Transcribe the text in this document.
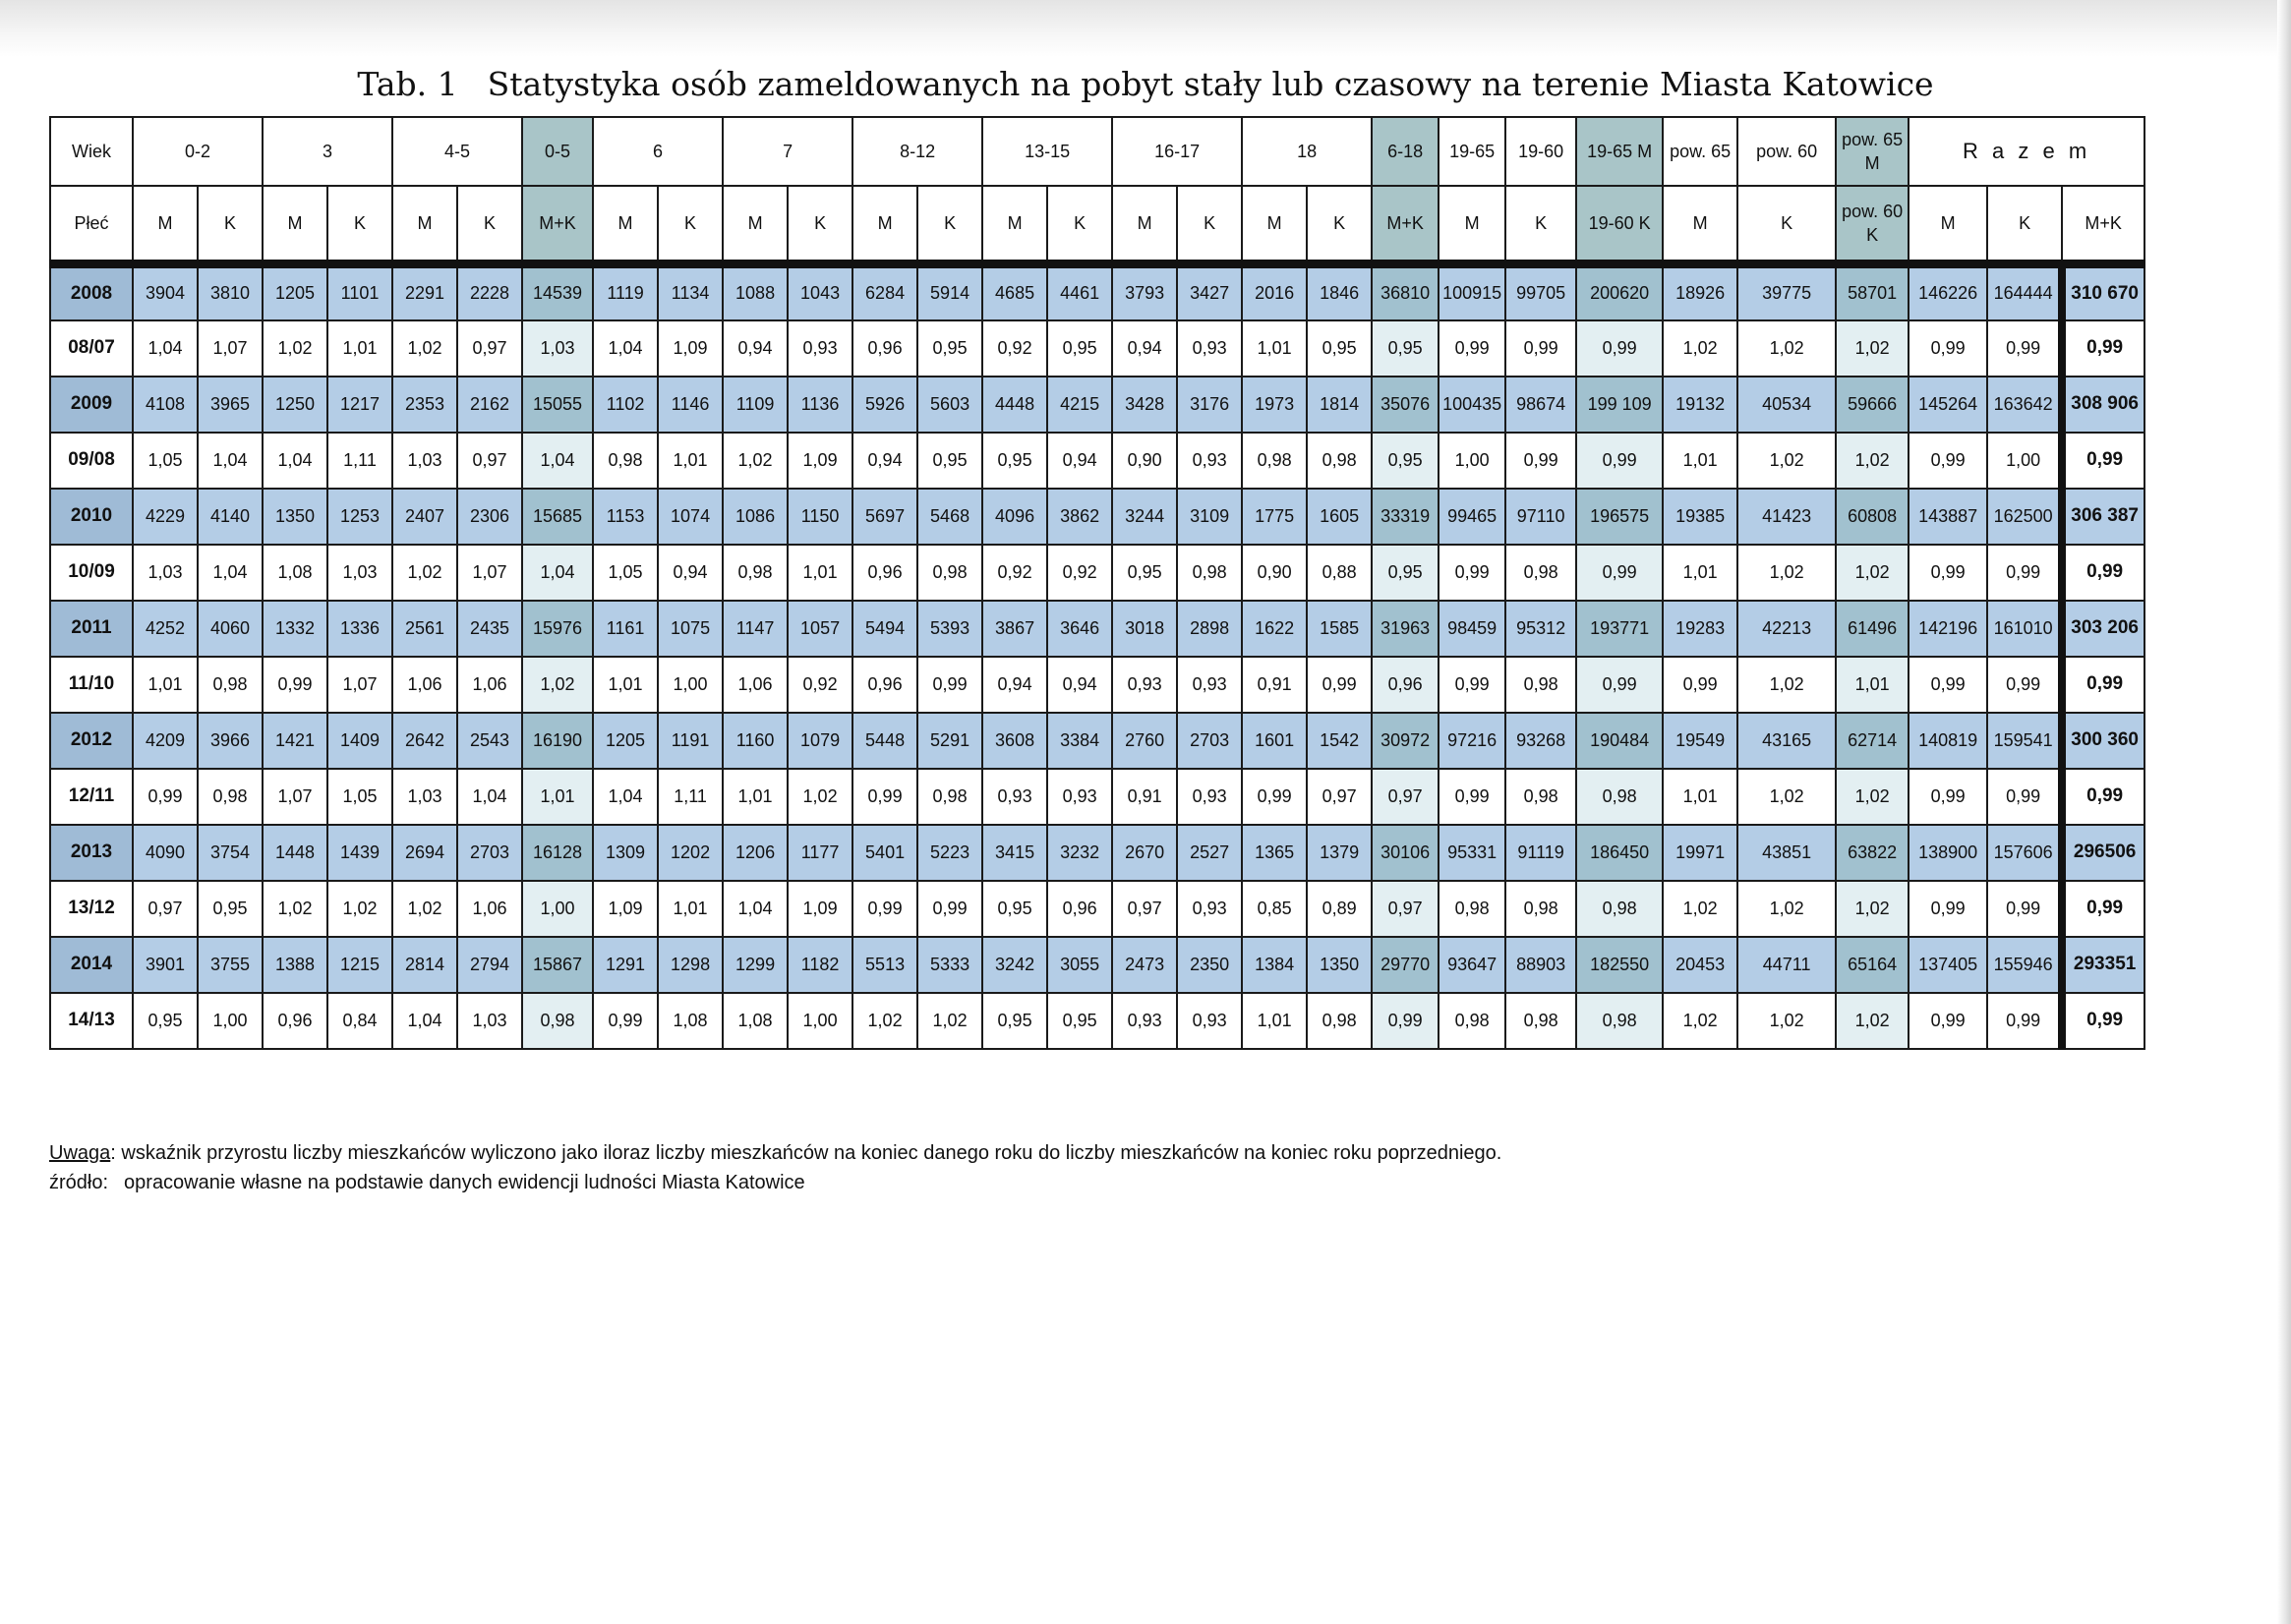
Tab. 1 Statystyka osób zameldowanych na pobyt stały lub czasowy na terenie Miasta Katowice
Wiek	0-2		3		4-5		0-5	6		7		8-12		13-15		16-17		18		6-18	19-65	19-60	19-65 M	pow. 65	pow. 60	pow. 65 M	R a z e m		
Płeć	M	K	M	K	M	K	M+K	M	K	M	K	M	K	M	K	M	K	M	K	M+K	M	K	19-60 K	M	K	pow. 60 K	M	K	M+K
2008	3904	3810	1205	1101	2291	2228	14539	1119	1134	1088	1043	6284	5914	4685	4461	3793	3427	2016	1846	36810	100915	99705	200620	18926	39775	58701	146226	164444	310 670
08/07	1,04	1,07	1,02	1,01	1,02	0,97	1,03	1,04	1,09	0,94	0,93	0,96	0,95	0,92	0,95	0,94	0,93	1,01	0,95	0,95	0,99	0,99	0,99	1,02	1,02	1,02	0,99	0,99	0,99
2009	4108	3965	1250	1217	2353	2162	15055	1102	1146	1109	1136	5926	5603	4448	4215	3428	3176	1973	1814	35076	100435	98674	199 109	19132	40534	59666	145264	163642	308 906
09/08	1,05	1,04	1,04	1,11	1,03	0,97	1,04	0,98	1,01	1,02	1,09	0,94	0,95	0,95	0,94	0,90	0,93	0,98	0,98	0,95	1,00	0,99	0,99	1,01	1,02	1,02	0,99	1,00	0,99
2010	4229	4140	1350	1253	2407	2306	15685	1153	1074	1086	1150	5697	5468	4096	3862	3244	3109	1775	1605	33319	99465	97110	196575	19385	41423	60808	143887	162500	306 387
10/09	1,03	1,04	1,08	1,03	1,02	1,07	1,04	1,05	0,94	0,98	1,01	0,96	0,98	0,92	0,92	0,95	0,98	0,90	0,88	0,95	0,99	0,98	0,99	1,01	1,02	1,02	0,99	0,99	0,99
2011	4252	4060	1332	1336	2561	2435	15976	1161	1075	1147	1057	5494	5393	3867	3646	3018	2898	1622	1585	31963	98459	95312	193771	19283	42213	61496	142196	161010	303 206
11/10	1,01	0,98	0,99	1,07	1,06	1,06	1,02	1,01	1,00	1,06	0,92	0,96	0,99	0,94	0,94	0,93	0,93	0,91	0,99	0,96	0,99	0,98	0,99	0,99	1,02	1,01	0,99	0,99	0,99
2012	4209	3966	1421	1409	2642	2543	16190	1205	1191	1160	1079	5448	5291	3608	3384	2760	2703	1601	1542	30972	97216	93268	190484	19549	43165	62714	140819	159541	300 360
12/11	0,99	0,98	1,07	1,05	1,03	1,04	1,01	1,04	1,11	1,01	1,02	0,99	0,98	0,93	0,93	0,91	0,93	0,99	0,97	0,97	0,99	0,98	0,98	1,01	1,02	1,02	0,99	0,99	0,99
2013	4090	3754	1448	1439	2694	2703	16128	1309	1202	1206	1177	5401	5223	3415	3232	2670	2527	1365	1379	30106	95331	91119	186450	19971	43851	63822	138900	157606	296506
13/12	0,97	0,95	1,02	1,02	1,02	1,06	1,00	1,09	1,01	1,04	1,09	0,99	0,99	0,95	0,96	0,97	0,93	0,85	0,89	0,97	0,98	0,98	0,98	1,02	1,02	1,02	0,99	0,99	0,99
2014	3901	3755	1388	1215	2814	2794	15867	1291	1298	1299	1182	5513	5333	3242	3055	2473	2350	1384	1350	29770	93647	88903	182550	20453	44711	65164	137405	155946	293351
14/13	0,95	1,00	0,96	0,84	1,04	1,03	0,98	0,99	1,08	1,08	1,00	1,02	1,02	0,95	0,95	0,93	0,93	1,01	0,98	0,99	0,98	0,98	0,98	1,02	1,02	1,02	0,99	0,99	0,99
Uwaga: wskaźnik przyrostu liczby mieszkańców wyliczono jako iloraz liczby mieszkańców na koniec danego roku do liczby mieszkańców na koniec roku poprzedniego.
źródło: opracowanie własne na podstawie danych ewidencji ludności Miasta Katowice
